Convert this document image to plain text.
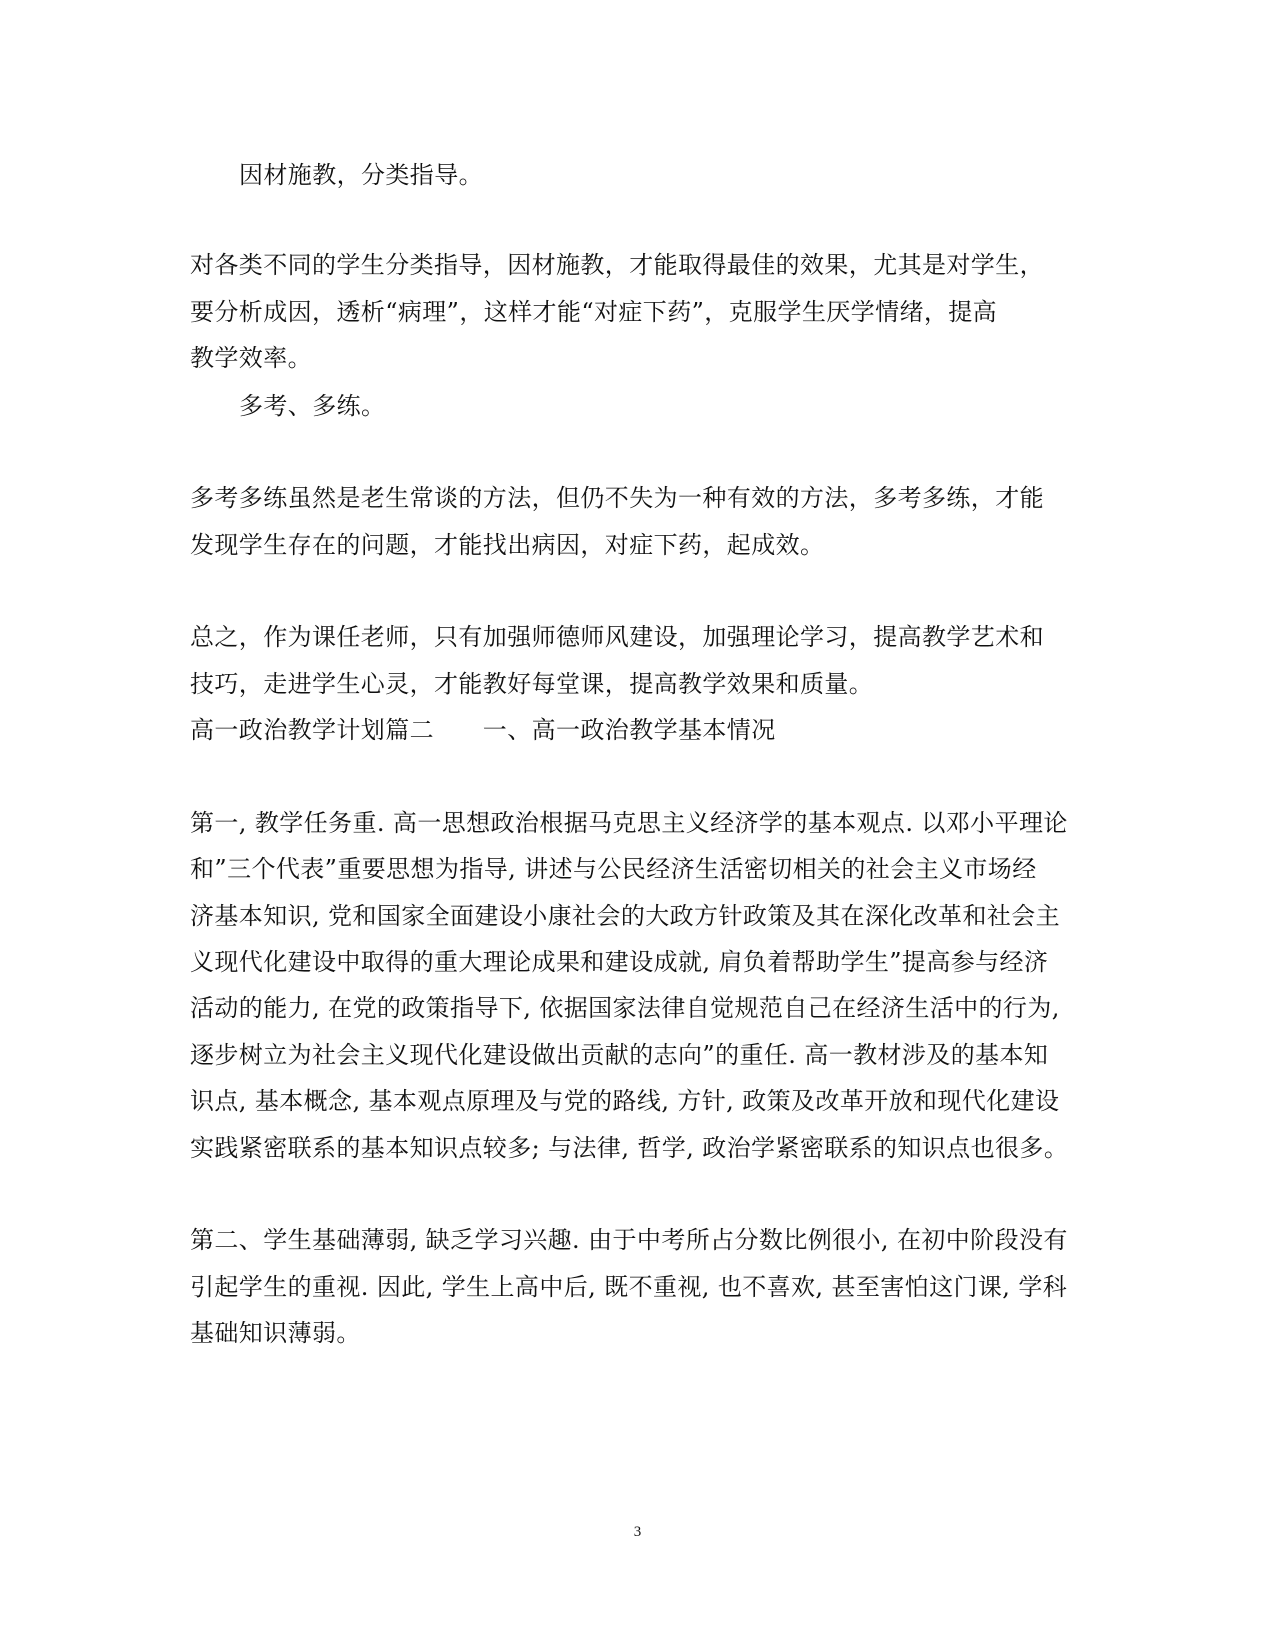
因材施教，分类指导。
对各类不同的学生分类指导，因材施教，才能取得最佳的效果，尤其是对学生，
要分析成因，透析“病理”，这样才能“对症下药”，克服学生厌学情绪，提高
教学效率。
多考、多练。
多考多练虽然是老生常谈的方法，但仍不失为一种有效的方法，多考多练，才能
发现学生存在的问题，才能找出病因，对症下药，起成效。
总之，作为课任老师，只有加强师德师风建设，加强理论学习，提高教学艺术和
技巧，走进学生心灵，才能教好每堂课，提高教学效果和质量。
高一政治教学计划篇二　　一、高一政治教学基本情况
第一, 教学任务重. 高一思想政治根据马克思主义经济学的基本观点. 以邓小平理论
和”三个代表”重要思想为指导, 讲述与公民经济生活密切相关的社会主义市场经
济基本知识, 党和国家全面建设小康社会的大政方针政策及其在深化改革和社会主
义现代化建设中取得的重大理论成果和建设成就, 肩负着帮助学生”提高参与经济
活动的能力, 在党的政策指导下, 依据国家法律自觉规范自己在经济生活中的行为,
逐步树立为社会主义现代化建设做出贡献的志向”的重任. 高一教材涉及的基本知
识点, 基本概念, 基本观点原理及与党的路线, 方针, 政策及改革开放和现代化建设
实践紧密联系的基本知识点较多; 与法律, 哲学, 政治学紧密联系的知识点也很多。
第二、学生基础薄弱, 缺乏学习兴趣. 由于中考所占分数比例很小, 在初中阶段没有
引起学生的重视. 因此, 学生上高中后, 既不重视, 也不喜欢, 甚至害怕这门课, 学科
基础知识薄弱。
3
